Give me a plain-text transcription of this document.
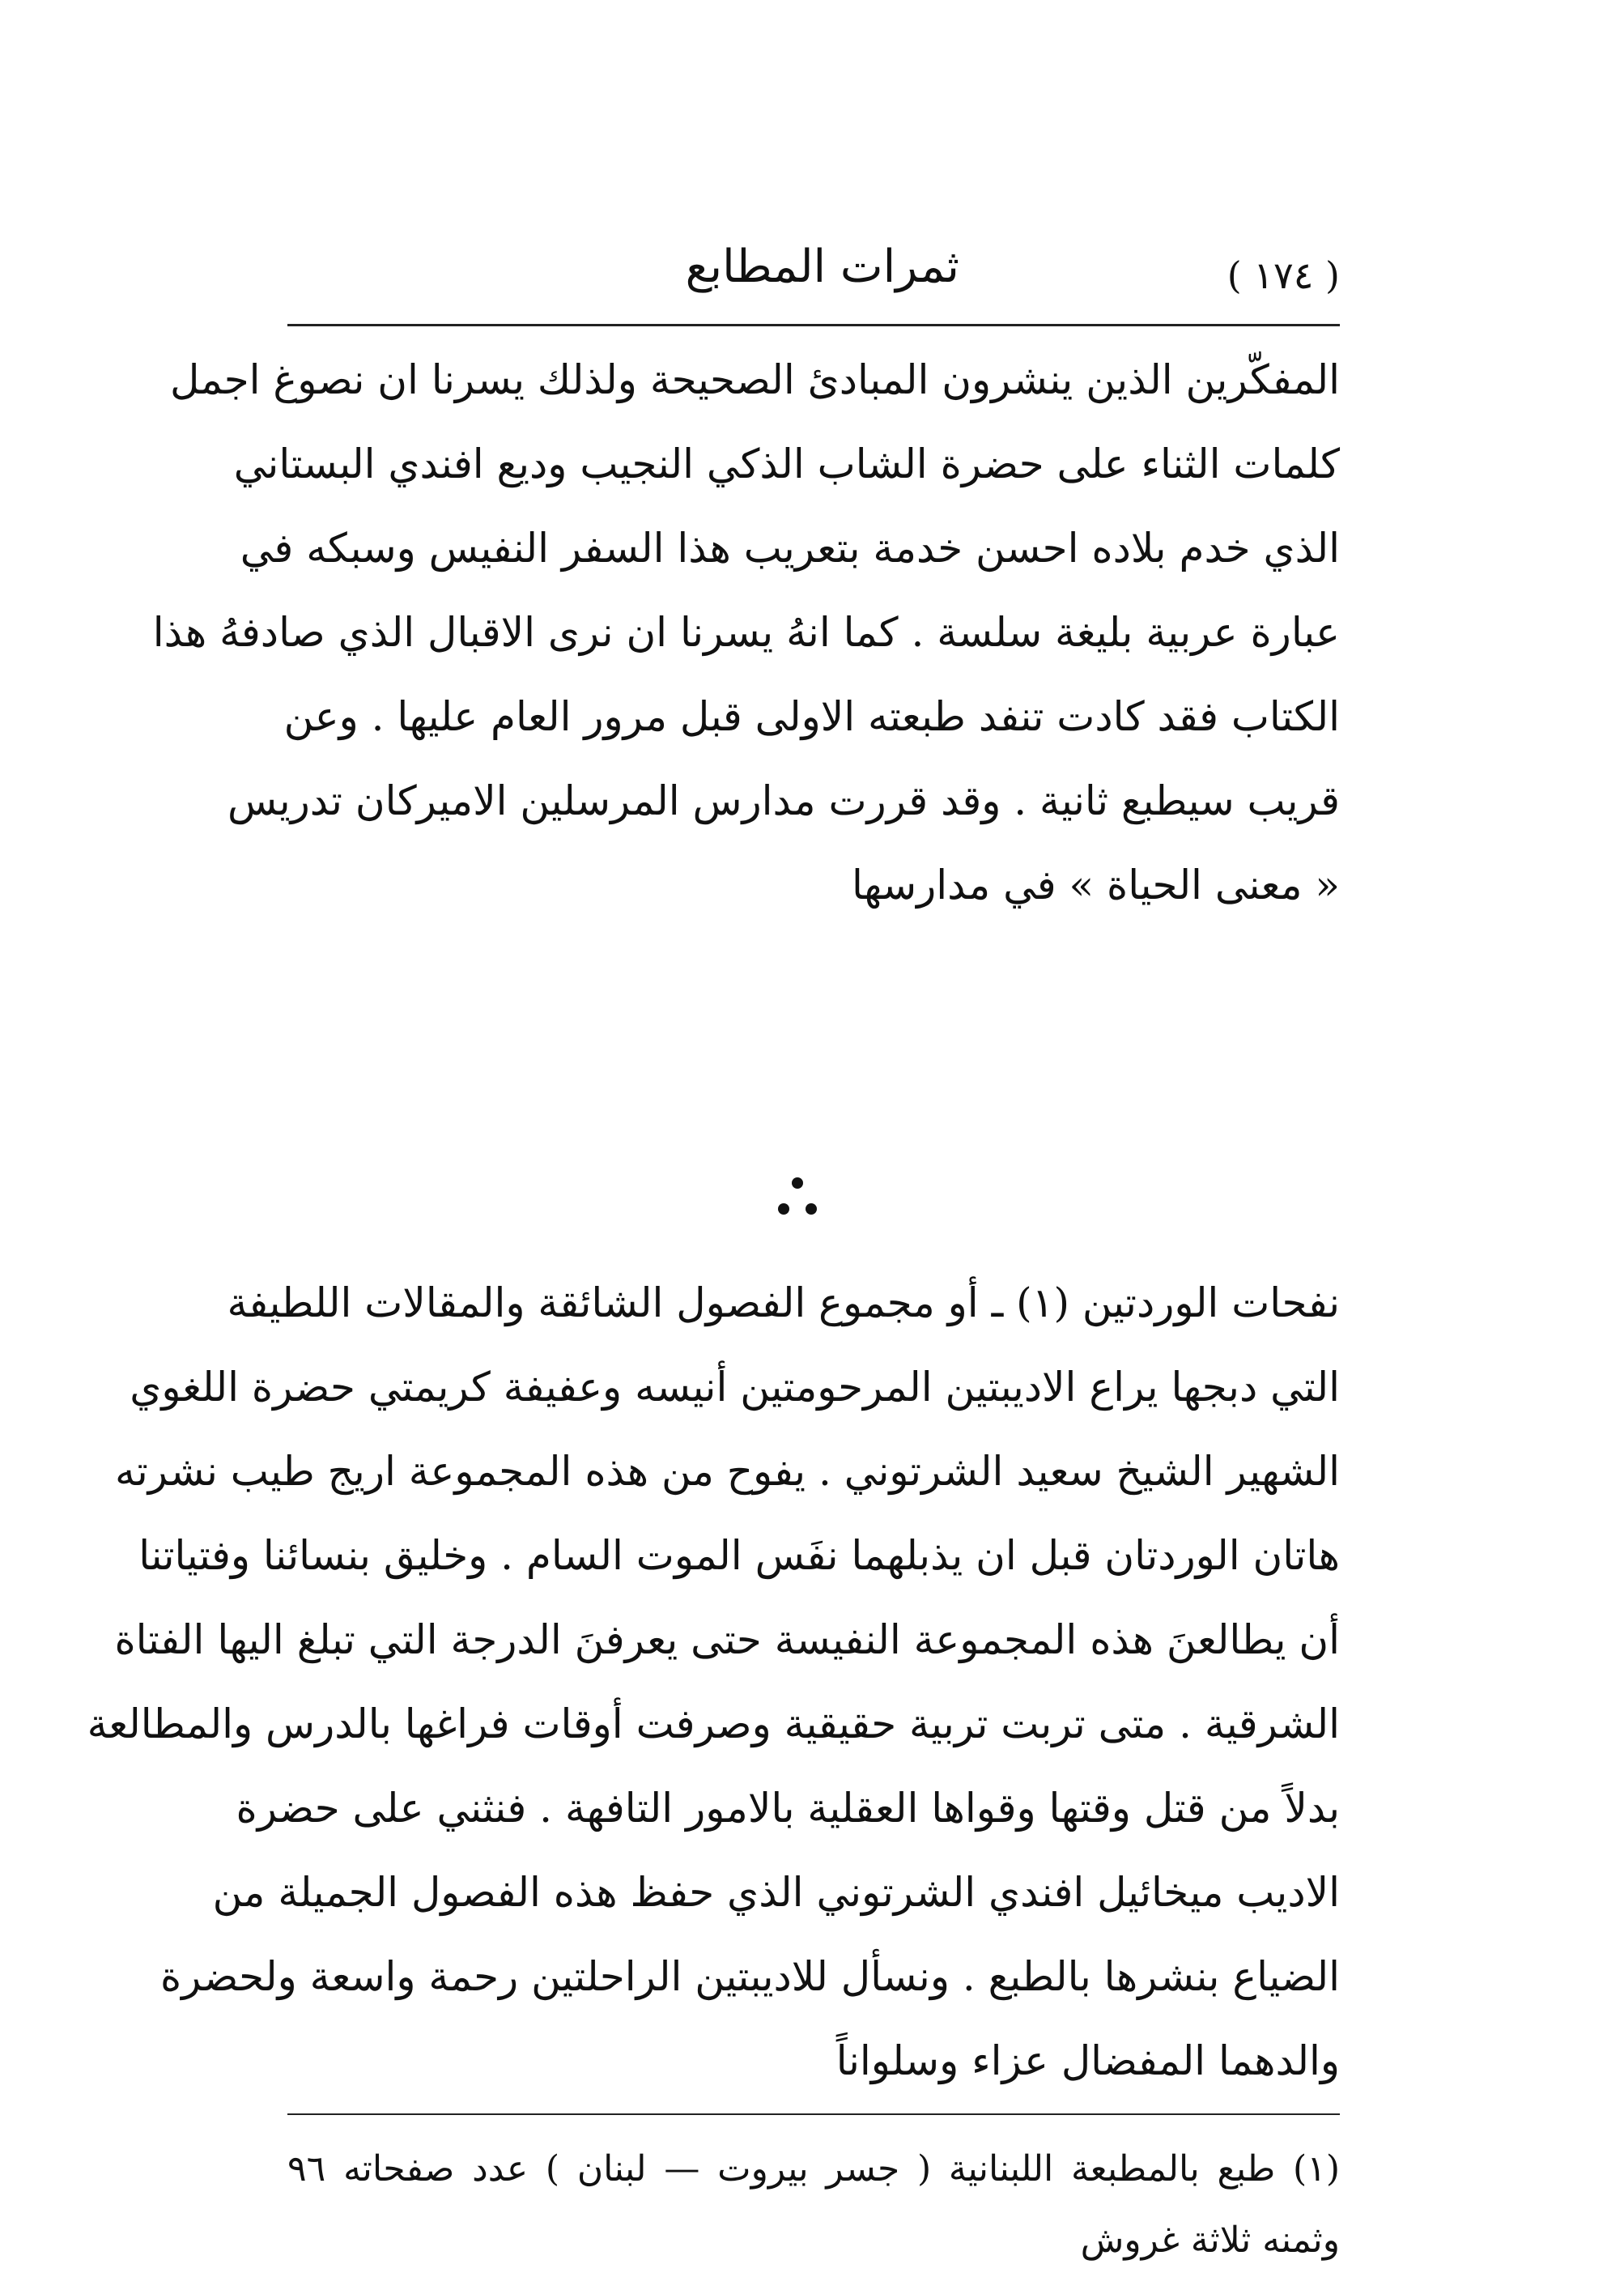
( ١٧٤ )
ثمرات المطابع
المفكّرين الذين ينشرون المبادئ الصحيحة ولذلك يسرنا ان نصوغ اجمل
كلمات الثناء على حضرة الشاب الذكي النجيب وديع افندي البستاني
الذي خدم بلاده احسن خدمة بتعريب هذا السفر النفيس وسبكه في
عبارة عربية بليغة سلسة . كما انهُ يسرنا ان نرى الاقبال الذي صادفهُ هذا
الكتاب فقد كادت تنفد طبعته الاولى قبل مرور العام عليها . وعن
قريب سيطبع ثانية . وقد قررت مدارس المرسلين الاميركان تدريس
« معنى الحياة » في مدارسها
نفحات الوردتين (١) ـ أو مجموع الفصول الشائقة والمقالات اللطيفة
التي دبجها يراع الاديبتين المرحومتين أنيسه وعفيفة كريمتي حضرة اللغوي
الشهير الشيخ سعيد الشرتوني . يفوح من هذه المجموعة اريج طيب نشرته
هاتان الوردتان قبل ان يذبلهما نفَس الموت السام . وخليق بنسائنا وفتياتنا
أن يطالعنَ هذه المجموعة النفيسة حتى يعرفنَ الدرجة التي تبلغ اليها الفتاة
الشرقية . متى تربت تربية حقيقية وصرفت أوقات فراغها بالدرس والمطالعة
بدلاً من قتل وقتها وقواها العقلية بالامور التافهة . فنثني على حضرة
الاديب ميخائيل افندي الشرتوني الذي حفظ هذه الفصول الجميلة من
الضياع بنشرها بالطبع . ونسأل للاديبتين الراحلتين رحمة واسعة ولحضرة
والدهما المفضال عزاء وسلواناً
(١) طبع بالمطبعة اللبنانية ( جسر بيروت — لبنان ) عدد صفحاته ٩٦
وثمنه ثلاثة غروش
